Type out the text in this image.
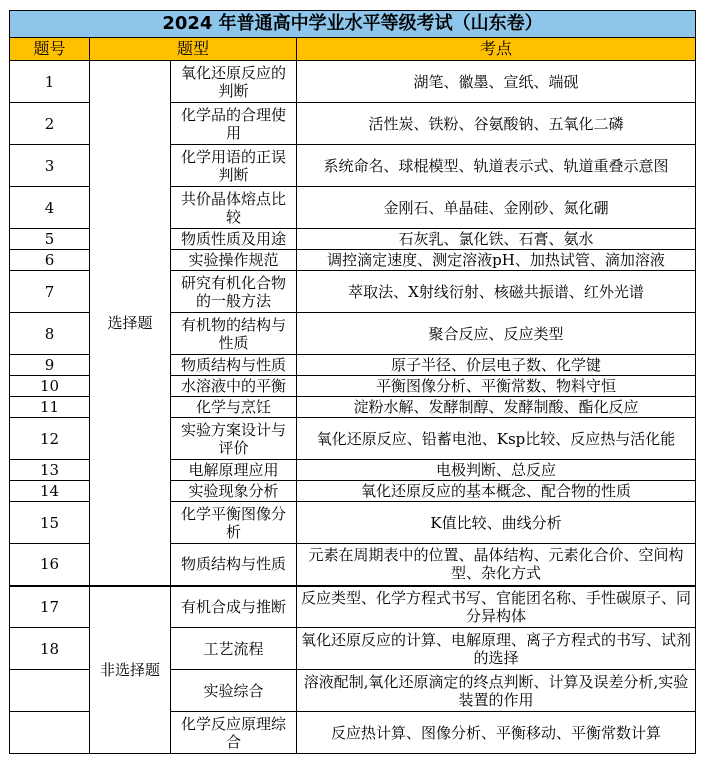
2024 年普通高中学业水平等级考试（山东卷）			
题号	题型		考点
1	选择题	氧化还原反应的判断	湖笔、徽墨、宣纸、端砚
2		化学品的合理使用	活性炭、铁粉、谷氨酸钠、五氧化二磷
3		化学用语的正误判断	系统命名、球棍模型、轨道表示式、轨道重叠示意图
4		共价晶体熔点比较	金刚石、单晶硅、金刚砂、氮化硼
5		物质性质及用途	石灰乳、氯化铁、石膏、氨水
6		实验操作规范	调控滴定速度、测定溶液pH、加热试管、滴加溶液
7		研究有机化合物的一般方法	萃取法、X射线衍射、核磁共振谱、红外光谱
8		有机物的结构与性质	聚合反应、反应类型
9		物质结构与性质	原子半径、价层电子数、化学键
10		水溶液中的平衡	平衡图像分析、平衡常数、物料守恒
11		化学与烹饪	淀粉水解、发酵制醇、发酵制酸、酯化反应
12		实验方案设计与评价	氧化还原反应、铅蓄电池、Ksp比较、反应热与活化能
13		电解原理应用	电极判断、总反应
14		实验现象分析	氧化还原反应的基本概念、配合物的性质
15		化学平衡图像分析	K值比较、曲线分析
16		物质结构与性质	元素在周期表中的位置、晶体结构、元素化合价、空间构型、杂化方式
17	非选择题	有机合成与推断	反应类型、化学方程式书写、官能团名称、手性碳原子、同分异构体
18		工艺流程	氧化还原反应的计算、电解原理、离子方程式的书写、试剂的选择
		实验综合	溶液配制,氧化还原滴定的终点判断、计算及误差分析,实验装置的作用
		化学反应原理综合	反应热计算、图像分析、平衡移动、平衡常数计算
